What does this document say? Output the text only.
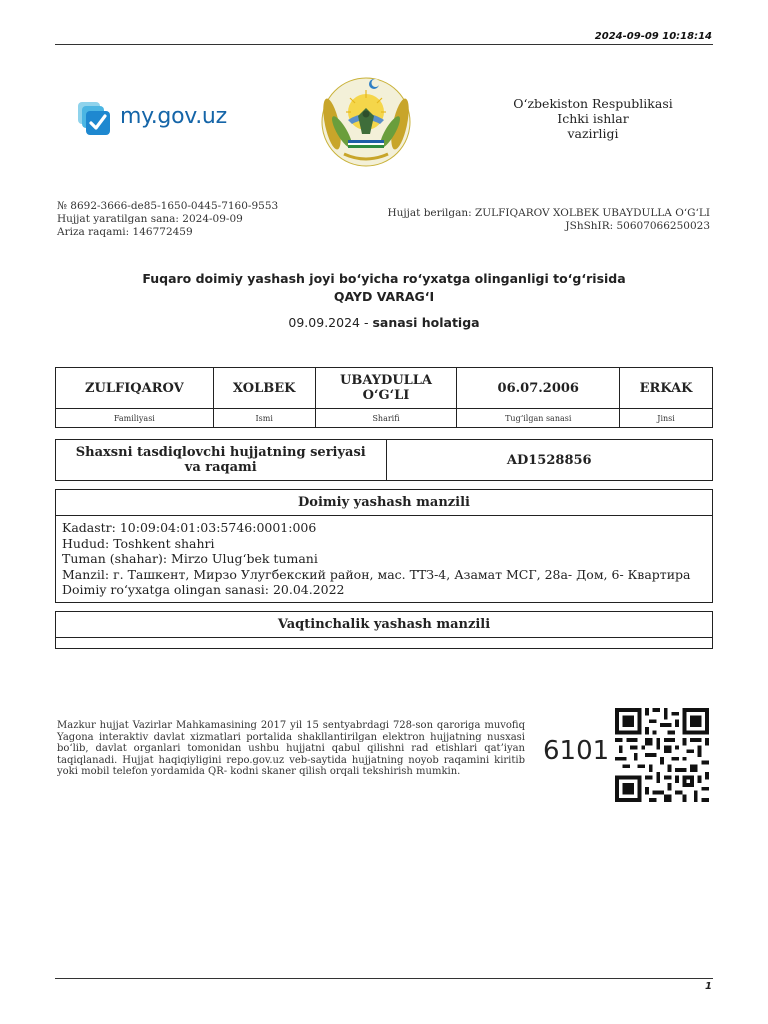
2024-09-09 10:18:14
my.gov.uz
O‘zbekiston Respublikasi
Ichki ishlar
vazirligi
№ 8692-3666-de85-1650-0445-7160-9553
Hujjat yaratilgan sana: 2024-09-09
Ariza raqami: 146772459
Hujjat berilgan: ZULFIQAROV XOLBEK UBAYDULLA O‘G‘LI
JShShIR: 50607066250023
Fuqaro doimiy yashash joyi bo‘yicha ro‘yxatga olinganligi to‘g‘risida
QAYD VARAG‘I
09.09.2024 - sanasi holatiga
ZULFIQAROV	XOLBEK	UBAYDULLA O‘G‘LI	06.07.2006	ERKAK
Familiyasi	Ismi	Sharifi	Tug‘ilgan sanasi	Jinsi
Shaxsni tasdiqlovchi hujjatning seriyasi va raqami	AD1528856
Doimiy yashash manzili
Kadastr: 10:09:04:01:03:5746:0001:006
Hudud: Toshkent shahri
Tuman (shahar): Mirzo Ulug‘bek tumani
Manzil: г. Ташкент, Мирзо Улугбекский район, мас. ТТЗ-4, Азамат МСГ, 28а- Дом, 6- Квартира
Doimiy ro‘yxatga olingan sanasi: 20.04.2022
Vaqtinchalik yashash manzili
Mazkur hujjat Vazirlar Mahkamasining 2017 yil 15 sentyabrdagi 728-son qaroriga muvofiq Yagona interaktiv davlat xizmatlari portalida shakllantirilgan elektron hujjatning nusxasi bo‘lib, davlat organlari tomonidan ushbu hujjatni qabul qilishni rad etishlari qat’iyan taqiqlanadi. Hujjat haqiqiyligini repo.gov.uz veb-saytida hujjatning noyob raqamini kiritib yoki mobil telefon yordamida QR- kodni skaner qilish orqali tekshirish mumkin.
6101
1
